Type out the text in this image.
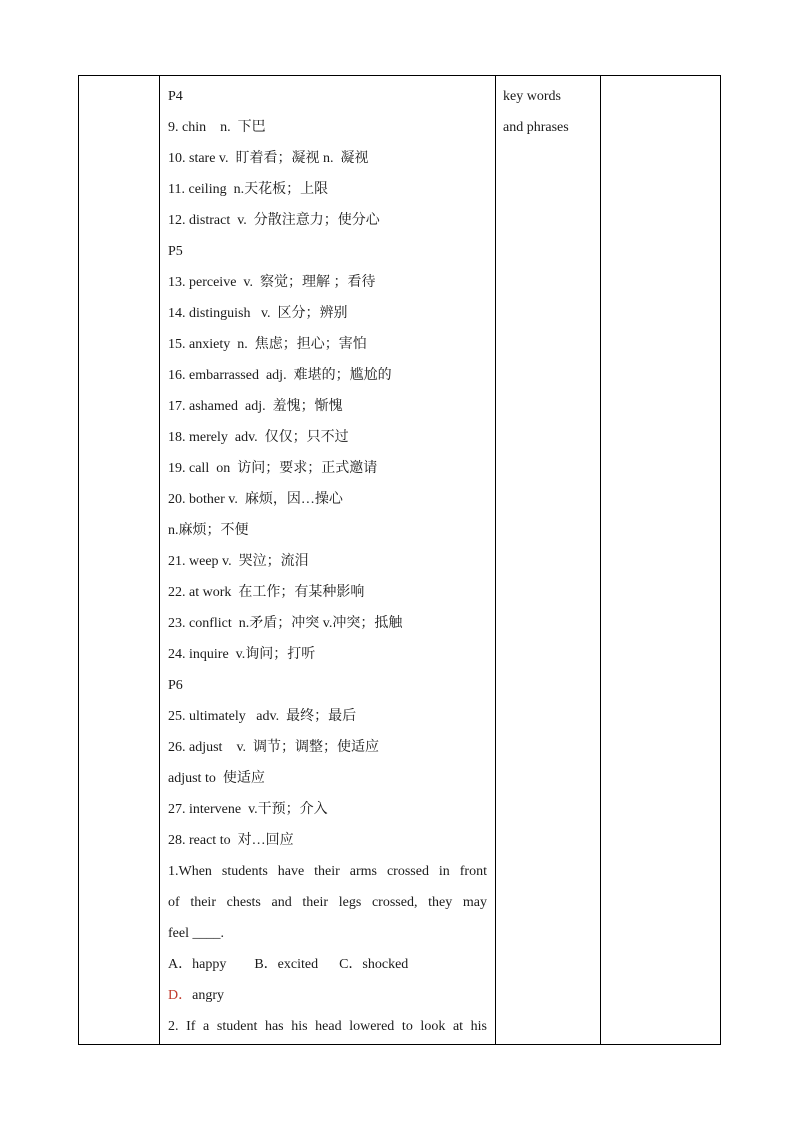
P4
9. chin    n.  下巴
10. stare v.  盯着看；凝视 n.  凝视
11. ceiling  n.天花板；上限
12. distract  v.  分散注意力；使分心
P5
13. perceive  v.  察觉；理解 ；看待
14. distinguish   v.  区分；辨别
15. anxiety  n.  焦虑；担心；害怕
16. embarrassed  adj.  难堪的；尴尬的
17. ashamed  adj.  羞愧；惭愧
18. merely  adv.  仅仅；只不过
19. call  on  访问；要求；正式邀请
20. bother v.  麻烦，因…操心
n.麻烦；不便
21. weep v.  哭泣；流泪
22. at work  在工作；有某种影响
23. conflict  n.矛盾；冲突 v.冲突；抵触
24. inquire  v.询问；打听
P6
25. ultimately   adv.  最终；最后
26. adjust    v.  调节；调整；使适应
adjust to  使适应
27. intervene  v.干预；介入
28. react to  对…回应
1.When students have their arms crossed in front
of their chests and their legs crossed, they may
feel ____.
A．happy        B．excited      C．shocked
D．angry
2. If a student has his head lowered to look at his

key words
and phrases
